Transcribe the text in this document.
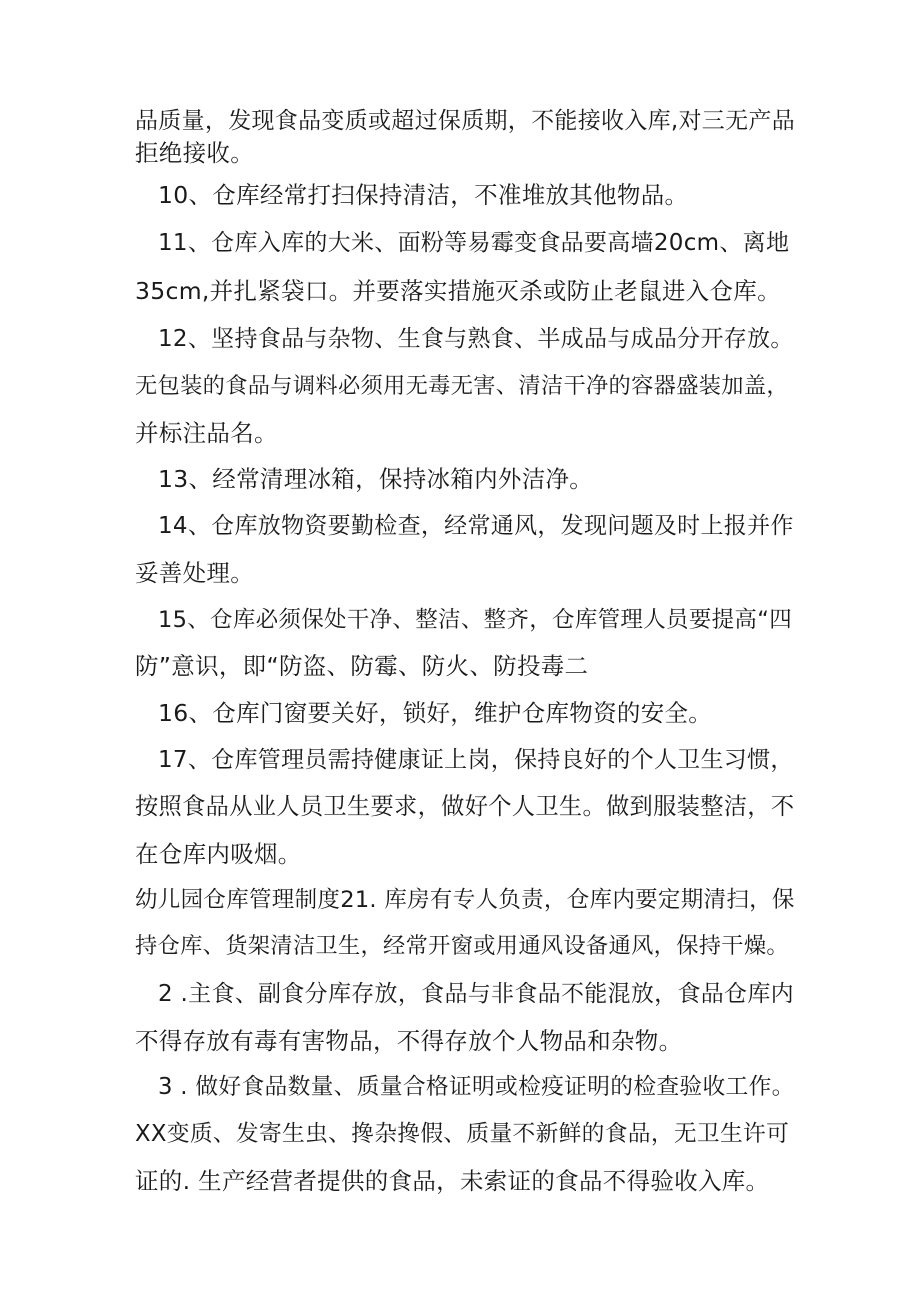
品质量，发现食品变质或超过保质期，不能接收入库,对三无产品
拒绝接收。
10、仓库经常打扫保持清洁，不准堆放其他物品。
11、仓库入库的大米、面粉等易霉变食品要高墙20cm、离地
35cm,并扎紧袋口。并要落实措施灭杀或防止老鼠进入仓库。
12、坚持食品与杂物、生食与熟食、半成品与成品分开存放。
无包装的食品与调料必须用无毒无害、清洁干净的容器盛装加盖，
并标注品名。
13、经常清理冰箱，保持冰箱内外洁净。
14、仓库放物资要勤检查，经常通风，发现问题及时上报并作
妥善处理。
15、仓库必须保处干净、整洁、整齐，仓库管理人员要提高“四
防”意识，即“防盗、防霉、防火、防投毒二
16、仓库门窗要关好，锁好，维护仓库物资的安全。
17、仓库管理员需持健康证上岗，保持良好的个人卫生习惯，
按照食品从业人员卫生要求，做好个人卫生。做到服装整洁，不
在仓库内吸烟。
幼儿园仓库管理制度21. 库房有专人负责，仓库内要定期清扫，保
持仓库、货架清洁卫生，经常开窗或用通风设备通风，保持干燥。
2 .主食、副食分库存放，食品与非食品不能混放，食品仓库内
不得存放有毒有害物品，不得存放个人物品和杂物。
3 . 做好食品数量、质量合格证明或检疫证明的检查验收工作。
XX变质、发寄生虫、搀杂搀假、质量不新鲜的食品，无卫生许可
证的. 生产经营者提供的食品，未索证的食品不得验收入库。
